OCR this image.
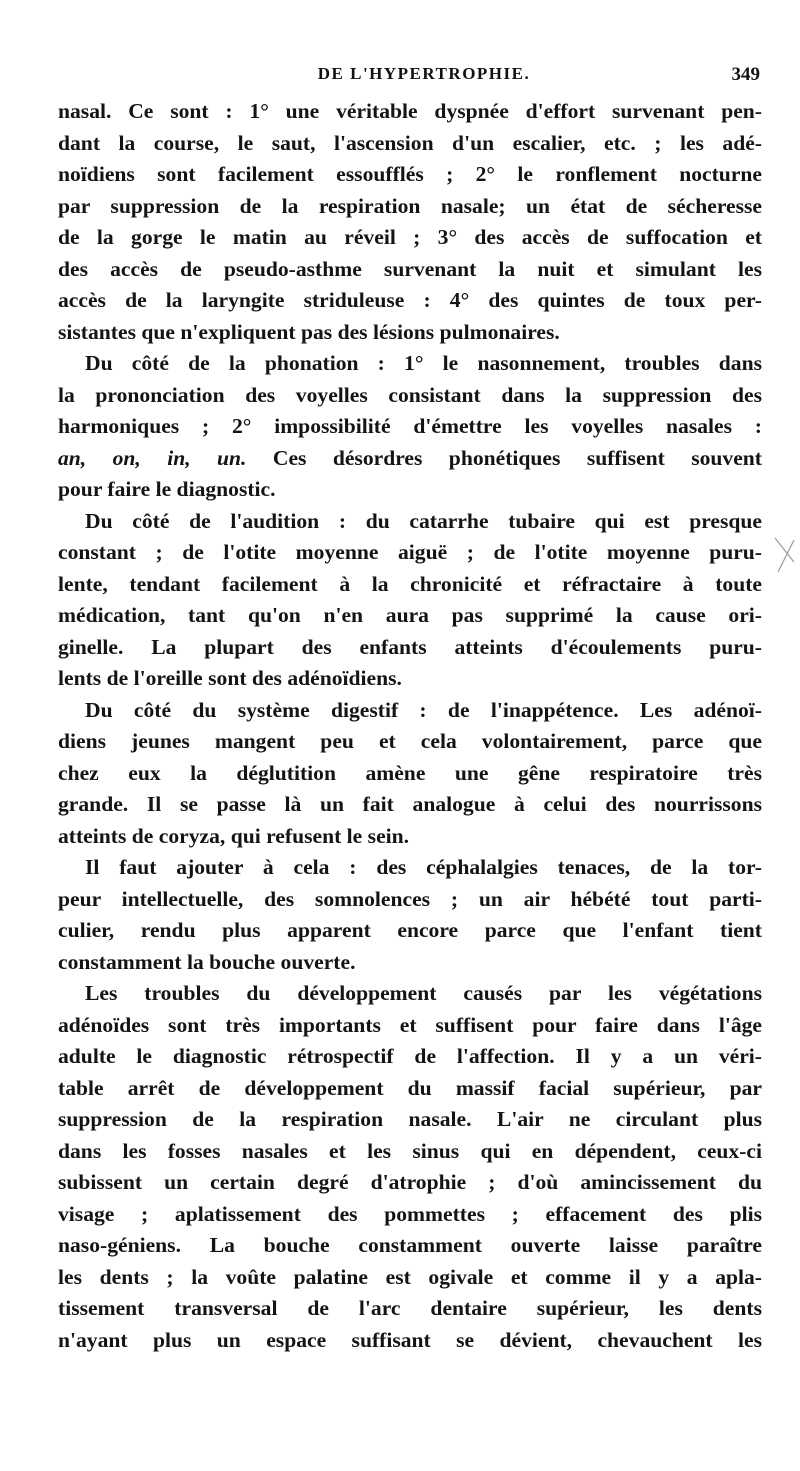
DE L'HYPERTROPHIE.	349
nasal. Ce sont : 1° une véritable dyspnée d'effort survenant pen-
dant la course, le saut, l'ascension d'un escalier, etc. ; les adé-
noïdiens sont facilement essoufflés ; 2° le ronflement nocturne
par suppression de la respiration nasale; un état de sécheresse
de la gorge le matin au réveil ; 3° des accès de suffocation et
des accès de pseudo-asthme survenant la nuit et simulant les
accès de la laryngite striduleuse : 4° des quintes de toux per-
sistantes que n'expliquent pas des lésions pulmonaires.
Du côté de la phonation : 1° le nasonnement, troubles dans
la prononciation des voyelles consistant dans la suppression des
harmoniques ; 2° impossibilité d'émettre les voyelles nasales :
an, on, in, un. Ces désordres phonétiques suffisent souvent
pour faire le diagnostic.
Du côté de l'audition : du catarrhe tubaire qui est presque
constant ; de l'otite moyenne aiguë ; de l'otite moyenne puru-
lente, tendant facilement à la chronicité et réfractaire à toute
médication, tant qu'on n'en aura pas supprimé la cause ori-
ginelle. La plupart des enfants atteints d'écoulements puru-
lents de l'oreille sont des adénoïdiens.
Du côté du système digestif : de l'inappétence. Les adénoï-
diens jeunes mangent peu et cela volontairement, parce que
chez eux la déglutition amène une gêne respiratoire très
grande. Il se passe là un fait analogue à celui des nourrissons
atteints de coryza, qui refusent le sein.
Il faut ajouter à cela : des céphalalgies tenaces, de la tor-
peur intellectuelle, des somnolences ; un air hébété tout parti-
culier, rendu plus apparent encore parce que l'enfant tient
constamment la bouche ouverte.
Les troubles du développement causés par les végétations
adénoïdes sont très importants et suffisent pour faire dans l'âge
adulte le diagnostic rétrospectif de l'affection. Il y a un véri-
table arrêt de développement du massif facial supérieur, par
suppression de la respiration nasale. L'air ne circulant plus
dans les fosses nasales et les sinus qui en dépendent, ceux-ci
subissent un certain degré d'atrophie ; d'où amincissement du
visage ; aplatissement des pommettes ; effacement des plis
naso-géniens. La bouche constamment ouverte laisse paraître
les dents ; la voûte palatine est ogivale et comme il y a apla-
tissement transversal de l'arc dentaire supérieur, les dents
n'ayant plus un espace suffisant se dévient, chevauchent les
